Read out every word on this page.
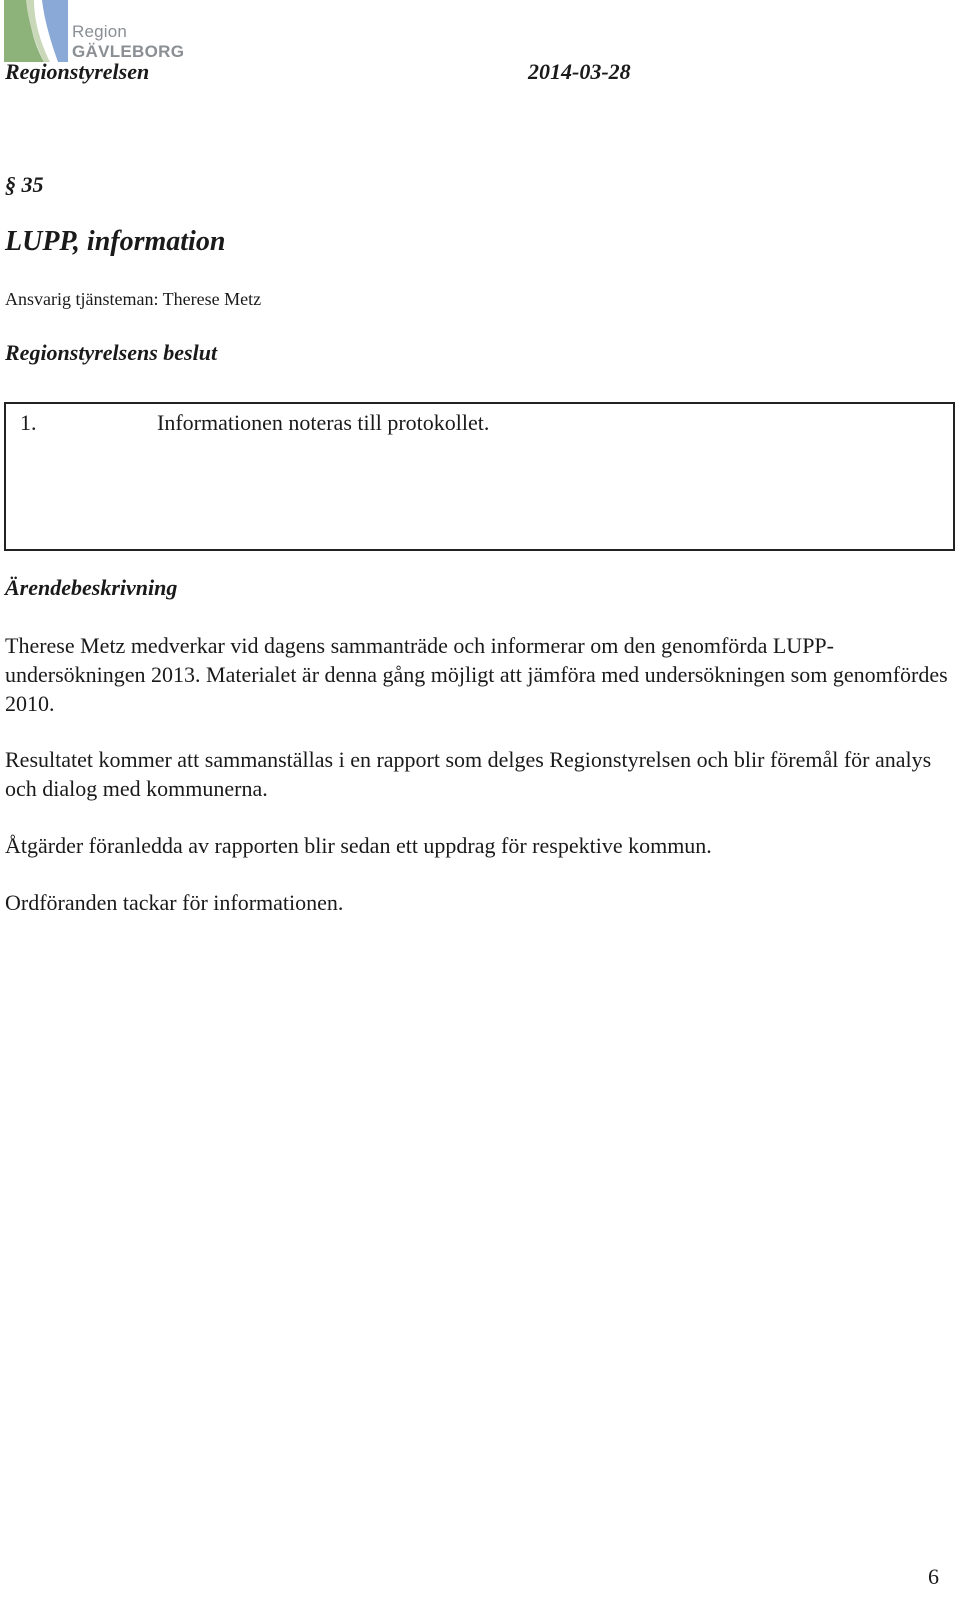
Region
GÄVLEBORG
Regionstyrelsen	2014-03-28
§ 35
LUPP, information
Ansvarig tjänsteman: Therese Metz
Regionstyrelsens beslut
1.	Informationen noteras till protokollet.
Ärendebeskrivning

Therese Metz medverkar vid dagens sammanträde och informerar om den genomförda LUPP-undersökningen 2013. Materialet är denna gång möjligt att jämföra med undersökningen som genomfördes 2010.

Resultatet kommer att sammanställas i en rapport som delges Regionstyrelsen och blir föremål för analys och dialog med kommunerna.

Åtgärder föranledda av rapporten blir sedan ett uppdrag för respektive kommun.

Ordföranden tackar för informationen.

6
